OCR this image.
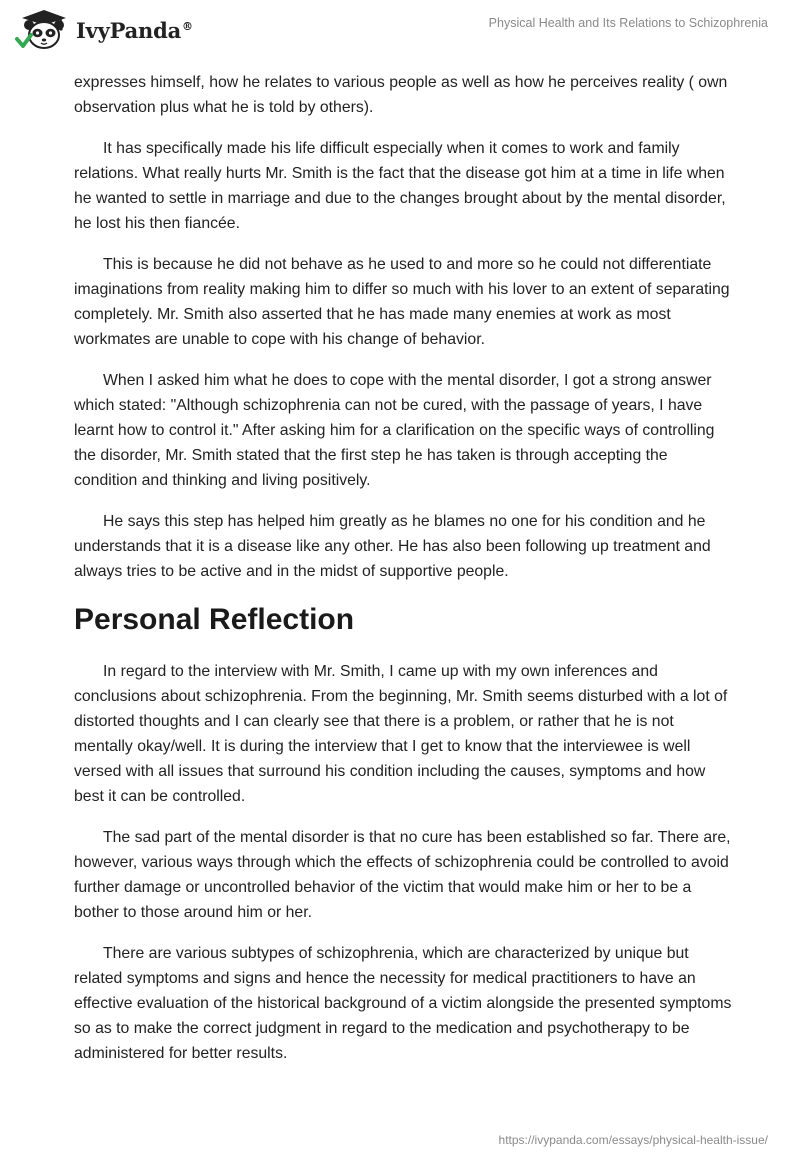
IvyPanda®	Physical Health and Its Relations to Schizophrenia

expresses himself, how he relates to various people as well as how he perceives reality ( own observation plus what he is told by others).

It has specifically made his life difficult especially when it comes to work and family relations. What really hurts Mr. Smith is the fact that the disease got him at a time in life when he wanted to settle in marriage and due to the changes brought about by the mental disorder, he lost his then fiancée.

This is because he did not behave as he used to and more so he could not differentiate imaginations from reality making him to differ so much with his lover to an extent of separating completely. Mr. Smith also asserted that he has made many enemies at work as most workmates are unable to cope with his change of behavior.

When I asked him what he does to cope with the mental disorder, I got a strong answer which stated: "Although schizophrenia can not be cured, with the passage of years, I have learnt how to control it." After asking him for a clarification on the specific ways of controlling the disorder, Mr. Smith stated that the first step he has taken is through accepting the condition and thinking and living positively.

He says this step has helped him greatly as he blames no one for his condition and he understands that it is a disease like any other. He has also been following up treatment and always tries to be active and in the midst of supportive people.

Personal Reflection

In regard to the interview with Mr. Smith, I came up with my own inferences and conclusions about schizophrenia. From the beginning, Mr. Smith seems disturbed with a lot of distorted thoughts and I can clearly see that there is a problem, or rather that he is not mentally okay/well. It is during the interview that I get to know that the interviewee is well versed with all issues that surround his condition including the causes, symptoms and how best it can be controlled.

The sad part of the mental disorder is that no cure has been established so far. There are, however, various ways through which the effects of schizophrenia could be controlled to avoid further damage or uncontrolled behavior of the victim that would make him or her to be a bother to those around him or her.

There are various subtypes of schizophrenia, which are characterized by unique but related symptoms and signs and hence the necessity for medical practitioners to have an effective evaluation of the historical background of a victim alongside the presented symptoms so as to make the correct judgment in regard to the medication and psychotherapy to be administered for better results.

https://ivypanda.com/essays/physical-health-issue/
